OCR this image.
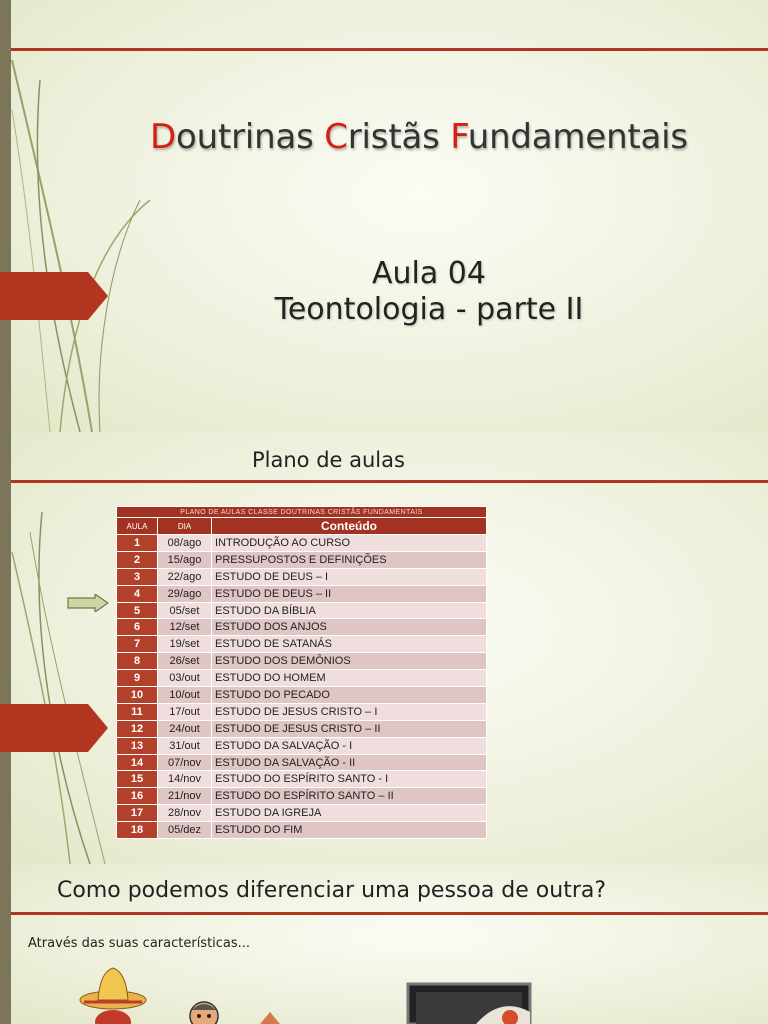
Doutrinas Cristãs Fundamentais
Aula 04
Teontologia - parte II
Plano de aulas
PLANO DE AULAS CLASSE DOUTRINAS CRISTÃS FUNDAMENTAIS		
AULA	DIA	Conteúdo
1	08/ago	INTRODUÇÃO AO CURSO
2	15/ago	PRESSUPOSTOS E DEFINIÇÕES
3	22/ago	ESTUDO DE DEUS – I
4	29/ago	ESTUDO DE DEUS – II
5	05/set	ESTUDO DA BÍBLIA
6	12/set	ESTUDO DOS ANJOS
7	19/set	ESTUDO DE SATANÁS
8	26/set	ESTUDO DOS DEMÔNIOS
9	03/out	ESTUDO DO HOMEM
10	10/out	ESTUDO DO PECADO
11	17/out	ESTUDO DE JESUS CRISTO – I
12	24/out	ESTUDO DE JESUS CRISTO – II
13	31/out	ESTUDO DA SALVAÇÃO - I
14	07/nov	ESTUDO DA SALVAÇÃO - II
15	14/nov	ESTUDO DO ESPÍRITO SANTO - I
16	21/nov	ESTUDO DO ESPÍRITO SANTO – II
17	28/nov	ESTUDO DA IGREJA
18	05/dez	ESTUDO DO FIM
Como podemos diferenciar uma pessoa de outra?
Através das suas características...
